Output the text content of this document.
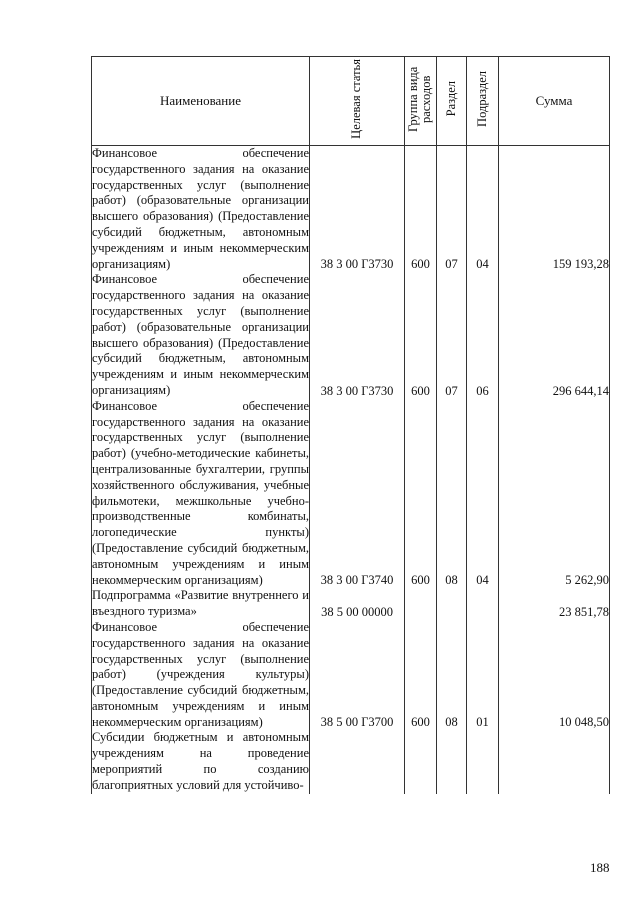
Наименование	Целевая статья	Группа вида расходов	Раздел	Подраздел	Сумма
Финансовое обеспечение государственного задания на оказание государственных услуг (выполнение работ) (образовательные организации высшего образования) (Предоставление субсидий бюджетным, автономным учреждениям и иным некоммерческим организациям)	38 3 00 Г3730	600	07	04	159 193,28
Финансовое обеспечение государственного задания на оказание государственных услуг (выполнение работ) (образовательные организации высшего образования) (Предоставление субсидий бюджетным, автономным учреждениям и иным некоммерческим организациям)	38 3 00 Г3730	600	07	06	296 644,14
Финансовое обеспечение государственного задания на оказание государственных услуг (выполнение работ) (учебно-методические кабинеты, централизованные бухгалтерии, группы хозяйственного обслуживания, учебные фильмотеки, межшкольные учебно-производственные комбинаты, логопедические пункты) (Предоставление субсидий бюджетным, автономным учреждениям и иным некоммерческим организациям)	38 3 00 Г3740	600	08	04	5 262,90
Подпрограмма «Развитие внутреннего и въездного туризма»	38 5 00 00000				23 851,78
Финансовое обеспечение государственного задания на оказание государственных услуг (выполнение работ) (учреждения культуры) (Предоставление субсидий бюджетным, автономным учреждениям и иным некоммерческим организациям)	38 5 00 Г3700	600	08	01	10 048,50
Субсидии бюджетным и автономным учреждениям на проведение мероприятий по созданию благоприятных условий для устойчиво-					
188
